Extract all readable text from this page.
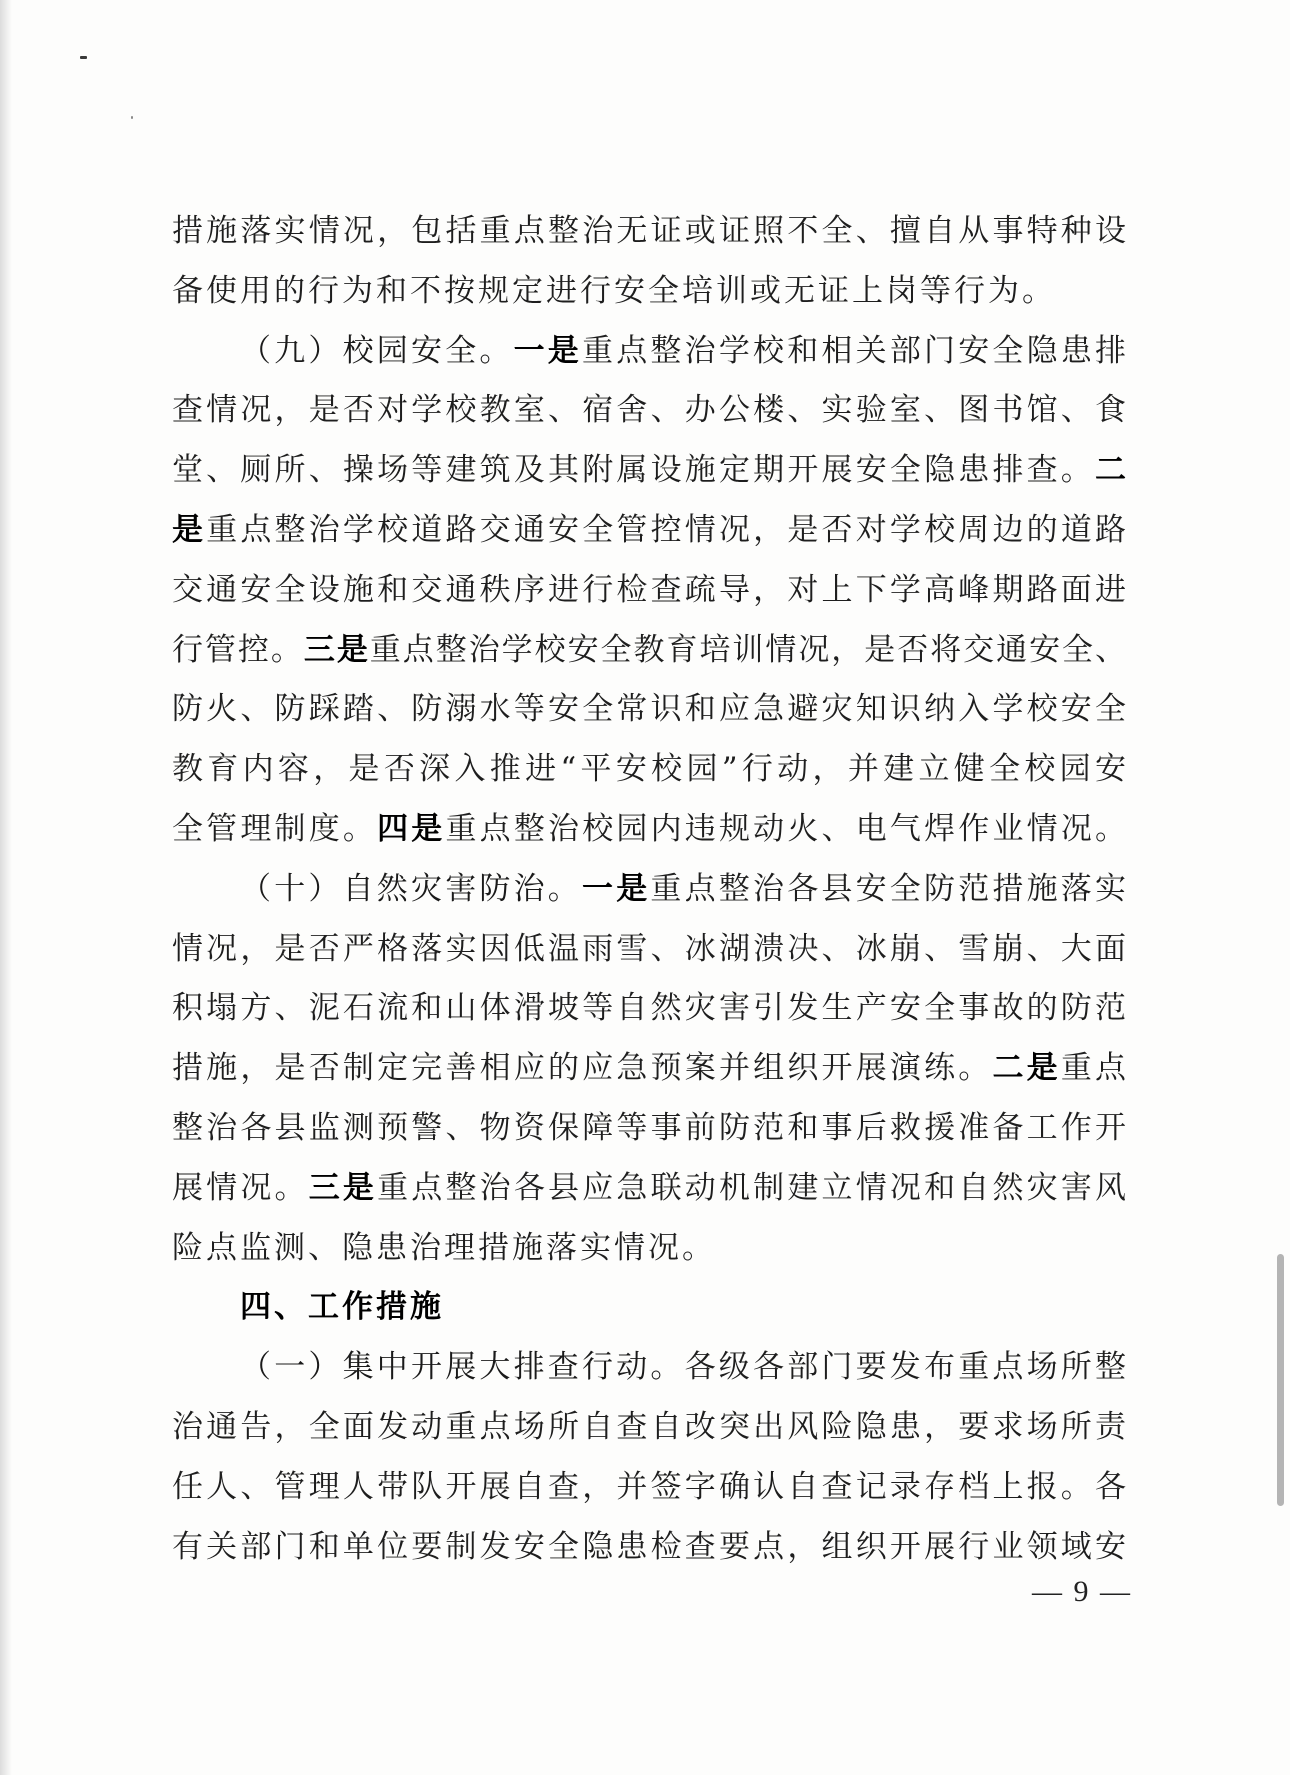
措施落实情况，包括重点整治无证或证照不全、擅自从事特种设
备使用的行为和不按规定进行安全培训或无证上岗等行为。
（九）校园安全。一是重点整治学校和相关部门安全隐患排
查情况，是否对学校教室、宿舍、办公楼、实验室、图书馆、食
堂、厕所、操场等建筑及其附属设施定期开展安全隐患排查。二
是重点整治学校道路交通安全管控情况，是否对学校周边的道路
交通安全设施和交通秩序进行检查疏导，对上下学高峰期路面进
行管控。三是重点整治学校安全教育培训情况，是否将交通安全、
防火、防踩踏、防溺水等安全常识和应急避灾知识纳入学校安全
教育内容，是否深入推进“平安校园”行动，并建立健全校园安
全管理制度。四是重点整治校园内违规动火、电气焊作业情况。
（十）自然灾害防治。一是重点整治各县安全防范措施落实
情况，是否严格落实因低温雨雪、冰湖溃决、冰崩、雪崩、大面
积塌方、泥石流和山体滑坡等自然灾害引发生产安全事故的防范
措施，是否制定完善相应的应急预案并组织开展演练。二是重点
整治各县监测预警、物资保障等事前防范和事后救援准备工作开
展情况。三是重点整治各县应急联动机制建立情况和自然灾害风
险点监测、隐患治理措施落实情况。
四、工作措施
（一）集中开展大排查行动。各级各部门要发布重点场所整
治通告，全面发动重点场所自查自改突出风险隐患，要求场所责
任人、管理人带队开展自查，并签字确认自查记录存档上报。各
有关部门和单位要制发安全隐患检查要点，组织开展行业领域安
— 9 —
